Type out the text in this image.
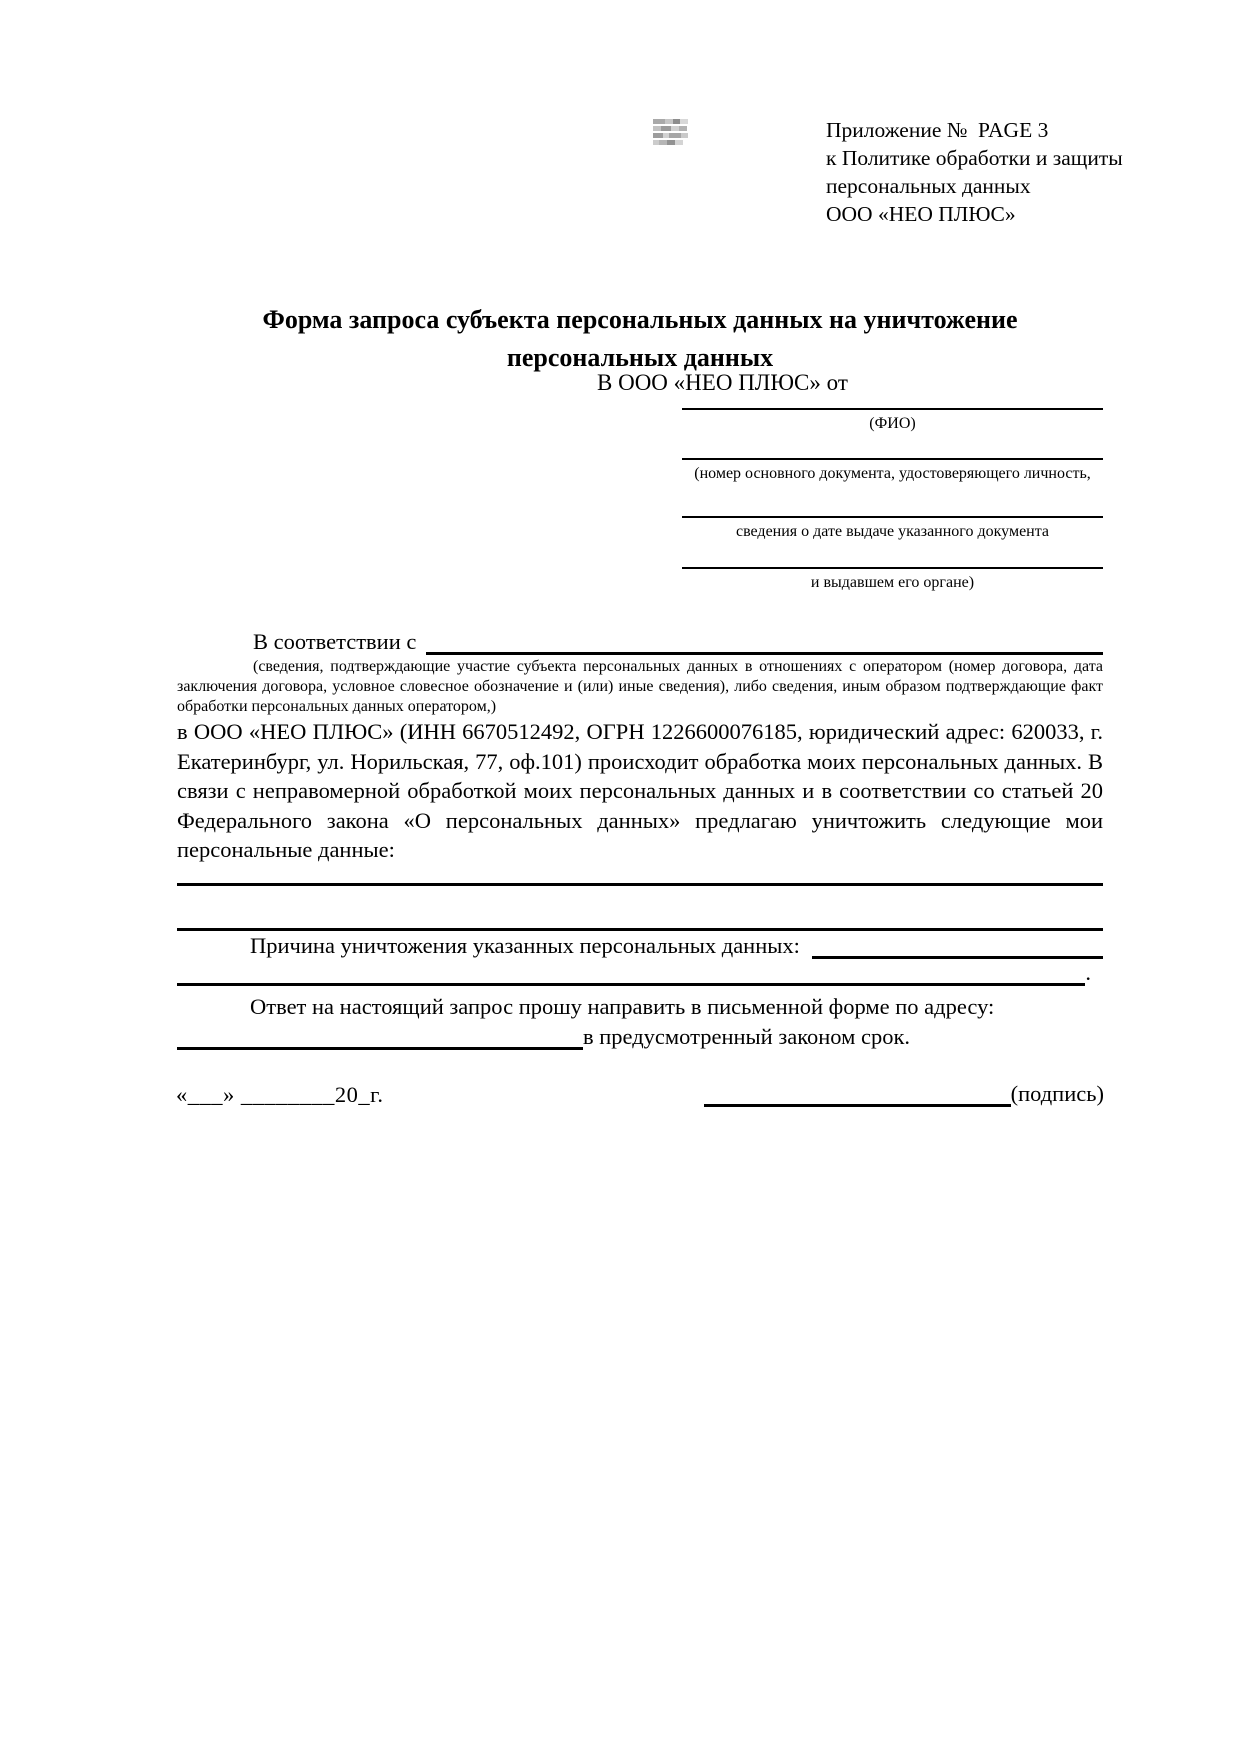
Приложение №  PAGE 3
к Политике обработки и защиты
персональных данных
ООО «НЕО ПЛЮС»
Форма запроса субъекта персональных данных на уничтожение
персональных данных
В ООО «НЕО ПЛЮС» от
(ФИО)
(номер основного документа, удостоверяющего личность,
сведения о дате выдаче указанного документа
и выдавшем его органе)
В соответствии с
(сведения, подтверждающие участие субъекта персональных данных в отношениях с оператором (номер договора, дата заключения договора, условное словесное обозначение и (или) иные сведения), либо сведения, иным образом подтверждающие факт обработки персональных данных оператором,)
в ООО «НЕО ПЛЮС» (ИНН 6670512492, ОГРН 1226600076185, юридический адрес: 620033, г. Екатеринбург, ул. Норильская, 77, оф.101) происходит обработка моих персональных данных. В связи с неправомерной обработкой моих персональных данных и в соответствии со статьей 20 Федерального закона «О персональных данных» предлагаю уничтожить следующие мои персональные данные:
Причина уничтожения указанных персональных данных:
.
Ответ на настоящий запрос прошу направить в письменной форме по адресу:
в предусмотренный законом срок.
«___» ________20_г.	(подпись)
